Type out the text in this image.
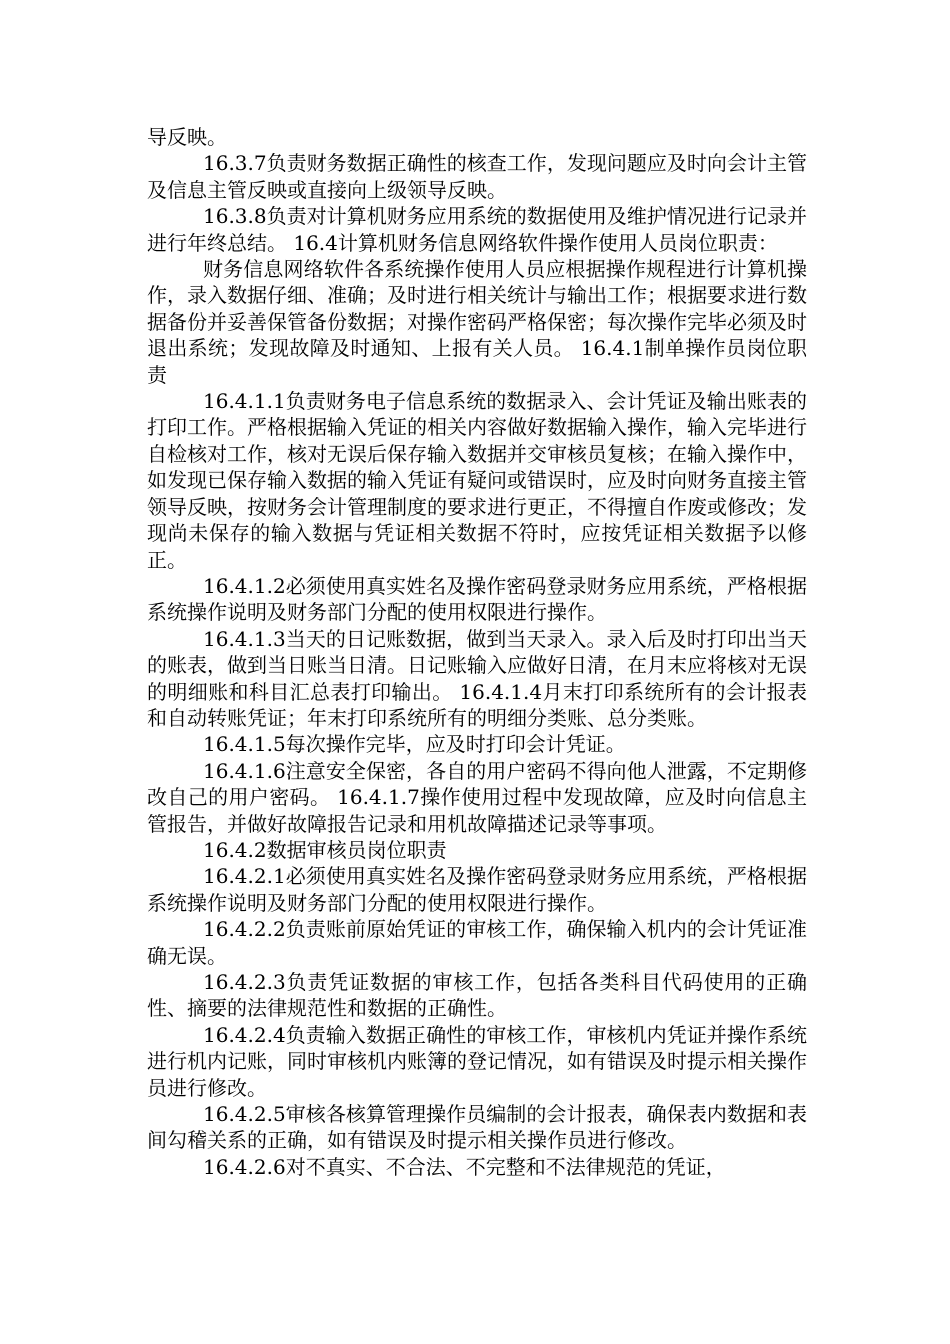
导反映。

16.3.7负责财务数据正确性的核查工作，发现问题应及时向会计主管及信息主管反映或直接向上级领导反映。

16.3.8负责对计算机财务应用系统的数据使用及维护情况进行记录并进行年终总结。 16.4计算机财务信息网络软件操作使用人员岗位职责：

财务信息网络软件各系统操作使用人员应根据操作规程进行计算机操作，录入数据仔细、准确；及时进行相关统计与输出工作；根据要求进行数据备份并妥善保管备份数据；对操作密码严格保密；每次操作完毕必须及时退出系统；发现故障及时通知、上报有关人员。 16.4.1制单操作员岗位职责

16.4.1.1负责财务电子信息系统的数据录入、会计凭证及输出账表的打印工作。严格根据输入凭证的相关内容做好数据输入操作，输入完毕进行自检核对工作，核对无误后保存输入数据并交审核员复核；在输入操作中，如发现已保存输入数据的输入凭证有疑问或错误时，应及时向财务直接主管领导反映，按财务会计管理制度的要求进行更正，不得擅自作废或修改；发现尚未保存的输入数据与凭证相关数据不符时，应按凭证相关数据予以修正。

16.4.1.2必须使用真实姓名及操作密码登录财务应用系统，严格根据系统操作说明及财务部门分配的使用权限进行操作。

16.4.1.3当天的日记账数据，做到当天录入。录入后及时打印出当天的账表，做到当日账当日清。日记账输入应做好日清，在月末应将核对无误的明细账和科目汇总表打印输出。 16.4.1.4月末打印系统所有的会计报表和自动转账凭证；年末打印系统所有的明细分类账、总分类账。

16.4.1.5每次操作完毕，应及时打印会计凭证。

16.4.1.6注意安全保密，各自的用户密码不得向他人泄露，不定期修改自己的用户密码。 16.4.1.7操作使用过程中发现故障，应及时向信息主管报告，并做好故障报告记录和用机故障描述记录等事项。

16.4.2数据审核员岗位职责

16.4.2.1必须使用真实姓名及操作密码登录财务应用系统，严格根据系统操作说明及财务部门分配的使用权限进行操作。

16.4.2.2负责账前原始凭证的审核工作，确保输入机内的会计凭证准确无误。

16.4.2.3负责凭证数据的审核工作，包括各类科目代码使用的正确性、摘要的法律规范性和数据的正确性。

16.4.2.4负责输入数据正确性的审核工作，审核机内凭证并操作系统进行机内记账，同时审核机内账簿的登记情况，如有错误及时提示相关操作员进行修改。

16.4.2.5审核各核算管理操作员编制的会计报表，确保表内数据和表间勾稽关系的正确，如有错误及时提示相关操作员进行修改。

16.4.2.6对不真实、不合法、不完整和不法律规范的凭证，
